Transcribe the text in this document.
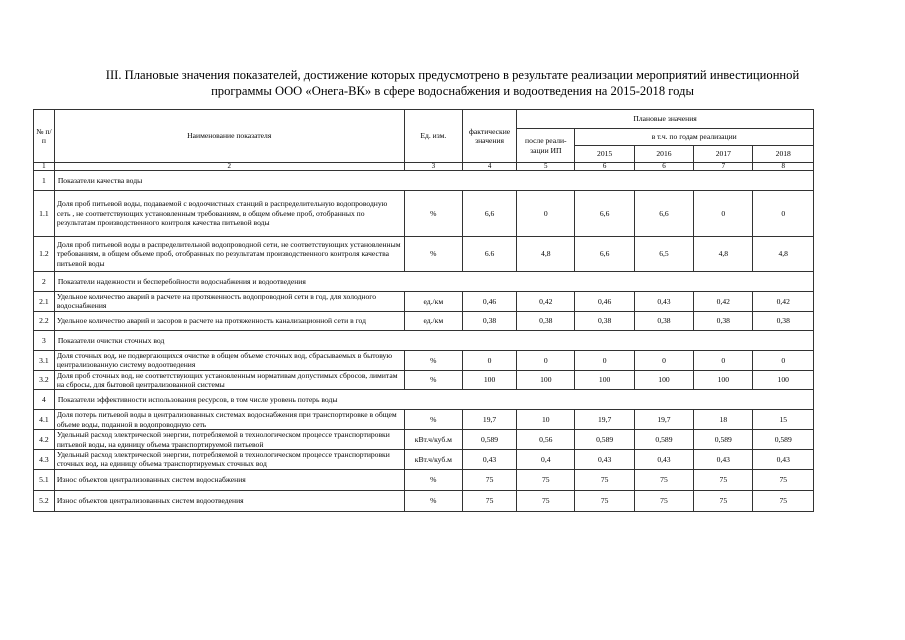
III. Плановые значения показателей, достижение которых предусмотрено в результате реализации мероприятий инвестиционной
программы ООО «Онега-ВК» в сфере водоснабжения и водоотведения на 2015-2018 годы
№ п/п	Наименование показателя	Ед. изм.	фактические значения	Плановые значения				
				после реали-зации ИП	в т.ч. по годам реализации			
					2015	2016	2017	2018
1	2	3	4	5	6	6	7	8
1	Показатели качества воды							
1.1	Доля проб питьевой воды, подаваемой с водоочистных станций в распределительную водопроводную сеть , не соответствующих установленным требованиям, в общем объеме проб, отобранных по результатам производственного контроля качества питьевой воды	%	6,6	0	6,6	6,6	0	0
1.2	Доля проб питьевой воды в распределительной водопроводной сети, не соответствующих установленным требованиям, в общем объеме проб, отобранных по результатам производственного контроля качества питьевой воды	%	6.6	4,8	6,6	6,5	4,8	4,8
2	Показатели надежности и бесперебойности водоснабжения и водоотведения							
2.1	Удельное количество аварий в расчете на протяженность водопроводной сети в год, для холодного водоснабжения	ед./км	0,46	0,42	0,46	0,43	0,42	0,42
2.2	Удельное количество аварий и засоров в расчете на протяженность канализационной сети в год	ед./км	0,38	0,38	0,38	0,38	0,38	0,38
3	Показатели очистки сточных вод							
3.1	Доля сточных вод, не подвергающихся очистке в общем объеме сточных вод, сбрасываемых в бытовую централизованную систему водоотведения	%	0	0	0	0	0	0
3.2	Доля проб сточных вод, не соответствующих установленным нормативам допустимых сбросов, лимитам на сбросы, для бытовой централизованной системы	%	100	100	100	100	100	100
4	Показатели эффективности использования ресурсов, в том числе уровень потерь воды							
4.1	Доля потерь питьевой воды в централизованных системах водоснабжения при транспортировке в общем объеме воды, поданной в водопроводную сеть	%	19,7	10	19,7	19,7	18	15
4.2	Удельный расход электрической энергии, потребляемой в технологическом процессе транспортировки питьевой воды, на единицу объема транспортируемой питьевой	кВт.ч/куб.м	0,589	0,56	0,589	0,589	0,589	0,589
4.3	Удельный расход электрической энергии, потребляемой в технологическом процессе транспортировки сточных вод, на единицу объема транспортируемых сточных вод	кВт.ч/куб.м	0,43	0,4	0,43	0,43	0,43	0,43
5.1	Износ объектов централизованных систем водоснабжения	%	75	75	75	75	75	75
5.2	Износ объектов централизованных систем водоотведения	%	75	75	75	75	75	75
